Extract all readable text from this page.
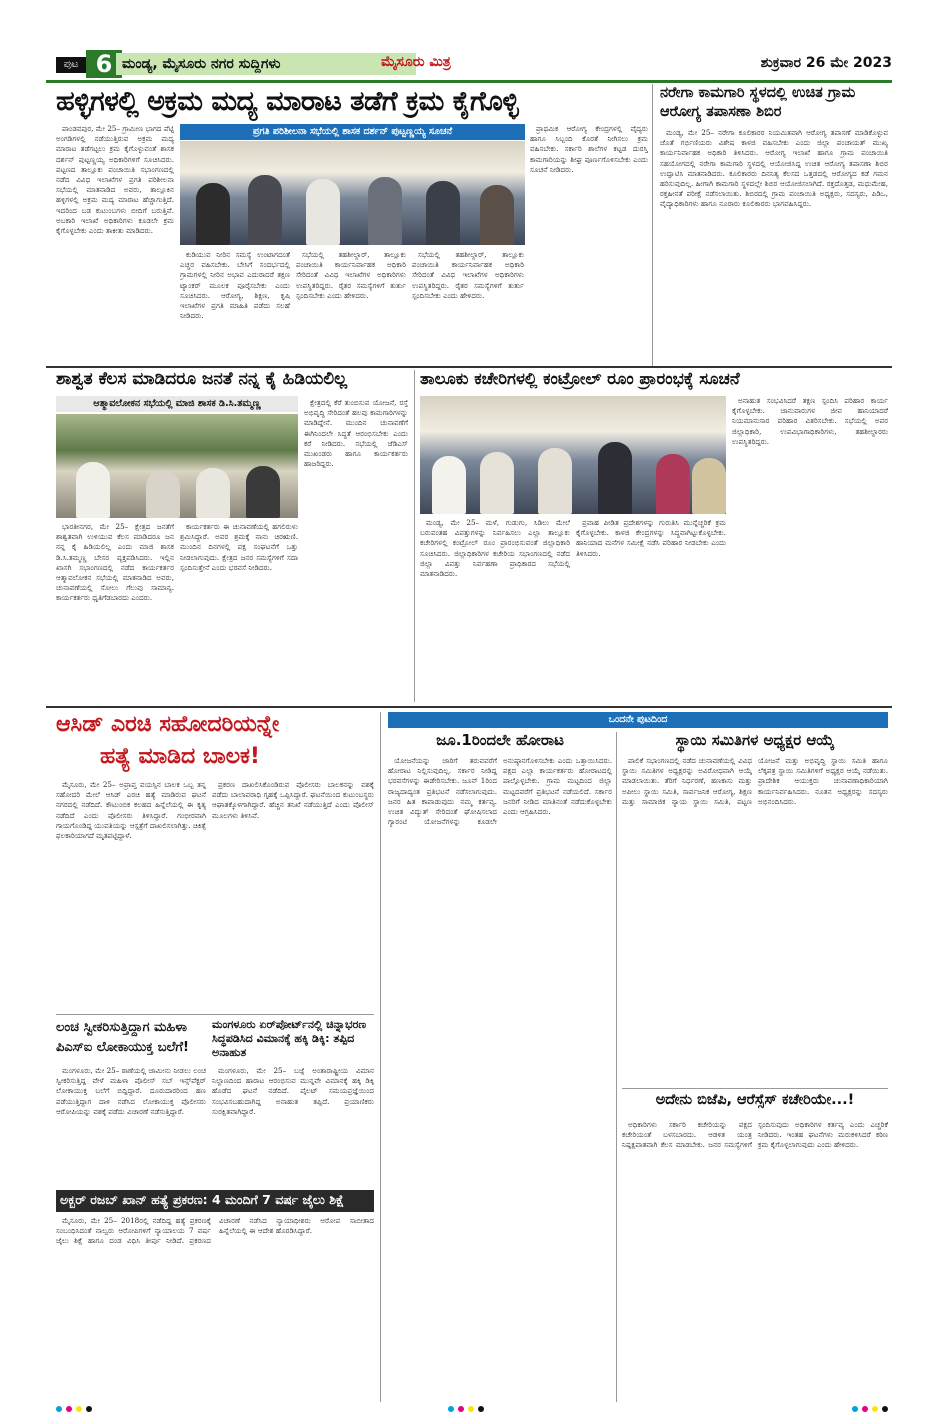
ಪುಟ 6 ಮಂಡ್ಯ, ಮೈಸೂರು ನಗರ ಸುದ್ದಿಗಳು	ಮೈಸೂರು ಮಿತ್ರ	ಶುಕ್ರವಾರ 26 ಮೇ 2023
ಹಳ್ಳಿಗಳಲ್ಲಿ ಅಕ್ರಮ ಮದ್ಯ ಮಾರಾಟ ತಡೆಗೆ ಕ್ರಮ ಕೈಗೊಳ್ಳಿ
ಪ್ರಗತಿ ಪರಿಶೀಲನಾ ಸಭೆಯಲ್ಲಿ ಶಾಸಕ ದರ್ಶನ್ ಪುಟ್ಟಣ್ಣಯ್ಯ ಸೂಚನೆ

ಪಾಂಡವಪುರ, ಮೇ 25– ಗ್ರಾಮೀಣ ಭಾಗದ ಪೆಟ್ಟಿ ಅಂಗಡಿಗಳಲ್ಲಿ ನಡೆಯುತ್ತಿರುವ ಅಕ್ರಮ ಮದ್ಯ ಮಾರಾಟ ತಡೆಗಟ್ಟಲು ಕ್ರಮ ಕೈಗೊಳ್ಳುವಂತೆ ಶಾಸಕ ದರ್ಶನ್ ಪುಟ್ಟಣ್ಣಯ್ಯ ಅಧಿಕಾರಿಗಳಿಗೆ ಸೂಚಿಸಿದರು. ಪಟ್ಟಣದ ತಾಲ್ಲೂಕು ಪಂಚಾಯಿತಿ ಸಭಾಂಗಣದಲ್ಲಿ ನಡೆದ ವಿವಿಧ ಇಲಾಖೆಗಳ ಪ್ರಗತಿ ಪರಿಶೀಲನಾ ಸಭೆಯಲ್ಲಿ ಮಾತನಾಡಿದ ಅವರು, ತಾಲ್ಲೂಕಿನ ಹಳ್ಳಿಗಳಲ್ಲಿ ಅಕ್ರಮ ಮದ್ಯ ಮಾರಾಟ ಹೆಚ್ಚಾಗುತ್ತಿದೆ. ಇದರಿಂದ ಬಡ ಕುಟುಂಬಗಳು ಬೀದಿಗೆ ಬರುತ್ತಿವೆ. ಅಬಕಾರಿ ಇಲಾಖೆ ಅಧಿಕಾರಿಗಳು ಕೂಡಲೇ ಕ್ರಮ ಕೈಗೊಳ್ಳಬೇಕು ಎಂದು ತಾಕೀತು ಮಾಡಿದರು.

ಕುಡಿಯುವ ನೀರಿನ ಸಮಸ್ಯೆ ಉಂಟಾಗದಂತೆ ಎಚ್ಚರ ವಹಿಸಬೇಕು. ಬೇಸಿಗೆ ಸಂದರ್ಭದಲ್ಲಿ ಗ್ರಾಮಗಳಲ್ಲಿ ನೀರಿನ ಅಭಾವ ಎದುರಾದರೆ ತಕ್ಷಣ ಟ್ಯಾಂಕರ್ ಮೂಲಕ ಪೂರೈಸಬೇಕು ಎಂದು ಸೂಚಿಸಿದರು. ಆರೋಗ್ಯ, ಶಿಕ್ಷಣ, ಕೃಷಿ ಇಲಾಖೆಗಳ ಪ್ರಗತಿ ಮಾಹಿತಿ ಪಡೆದು ಸಲಹೆ ನೀಡಿದರು.

ಸಭೆಯಲ್ಲಿ ತಹಶೀಲ್ದಾರ್, ತಾಲ್ಲೂಕು ಪಂಚಾಯಿತಿ ಕಾರ್ಯನಿರ್ವಾಹಕ ಅಧಿಕಾರಿ ಸೇರಿದಂತೆ ವಿವಿಧ ಇಲಾಖೆಗಳ ಅಧಿಕಾರಿಗಳು ಉಪಸ್ಥಿತರಿದ್ದರು. ರೈತರ ಸಮಸ್ಯೆಗಳಿಗೆ ತುರ್ತು ಸ್ಪಂದಿಸಬೇಕು ಎಂದು ಹೇಳಿದರು.

ಪ್ರಾಥಮಿಕ ಆರೋಗ್ಯ ಕೇಂದ್ರಗಳಲ್ಲಿ ವೈದ್ಯರು ಹಾಗೂ ಸಿಬ್ಬಂದಿ ಕೊರತೆ ನೀಗಿಸಲು ಕ್ರಮ ವಹಿಸಬೇಕು. ಸರ್ಕಾರಿ ಶಾಲೆಗಳ ಕಟ್ಟಡ ದುರಸ್ತಿ ಕಾಮಗಾರಿಯನ್ನು ಶೀಘ್ರ ಪೂರ್ಣಗೊಳಿಸಬೇಕು ಎಂದು ಸೂಚನೆ ನೀಡಿದರು.

ಸಭೆಯಲ್ಲಿ ತಹಶೀಲ್ದಾರ್, ತಾಲ್ಲೂಕು ಪಂಚಾಯಿತಿ ಕಾರ್ಯನಿರ್ವಾಹಕ ಅಧಿಕಾರಿ ಸೇರಿದಂತೆ ವಿವಿಧ ಇಲಾಖೆಗಳ ಅಧಿಕಾರಿಗಳು ಉಪಸ್ಥಿತರಿದ್ದರು. ರೈತರ ಸಮಸ್ಯೆಗಳಿಗೆ ತುರ್ತು ಸ್ಪಂದಿಸಬೇಕು ಎಂದು ಹೇಳಿದರು.

ನರೇಗಾ ಕಾಮಗಾರಿ ಸ್ಥಳದಲ್ಲಿ ಉಚಿತ ಗ್ರಾಮ ಆರೋಗ್ಯ ತಪಾಸಣಾ ಶಿಬಿರ

ಮಂಡ್ಯ, ಮೇ 25– ನರೇಗಾ ಕೂಲಿಕಾರರ ನಿಯಮಿತವಾಗಿ ಆರೋಗ್ಯ ತಪಾಸಣೆ ಮಾಡಿಕೊಳ್ಳುವ ಜೊತೆ ಗರ್ಭಿಣಿಯರು ವಿಶೇಷ ಕಾಳಜಿ ವಹಿಸಬೇಕು ಎಂದು ಜಿಲ್ಲಾ ಪಂಚಾಯತ್ ಮುಖ್ಯ ಕಾರ್ಯನಿರ್ವಾಹಕ ಅಧಿಕಾರಿ ತಿಳಿಸಿದರು. ಆರೋಗ್ಯ ಇಲಾಖೆ ಹಾಗೂ ಗ್ರಾಮ ಪಂಚಾಯಿತಿ ಸಹಯೋಗದಲ್ಲಿ ನರೇಗಾ ಕಾಮಗಾರಿ ಸ್ಥಳದಲ್ಲಿ ಆಯೋಜಿಸಿದ್ದ ಉಚಿತ ಆರೋಗ್ಯ ತಪಾಸಣಾ ಶಿಬಿರ ಉದ್ಘಾಟಿಸಿ ಮಾತನಾಡಿದರು. ಕೂಲಿಕಾರರು ದಿನನಿತ್ಯ ಕೆಲಸದ ಒತ್ತಡದಲ್ಲಿ ಆರೋಗ್ಯದ ಕಡೆ ಗಮನ ಹರಿಸುವುದಿಲ್ಲ. ಹೀಗಾಗಿ ಕಾಮಗಾರಿ ಸ್ಥಳದಲ್ಲೇ ಶಿಬಿರ ಆಯೋಜಿಸಲಾಗಿದೆ. ರಕ್ತದೊತ್ತಡ, ಮಧುಮೇಹ, ರಕ್ತಹೀನತೆ ಪರೀಕ್ಷೆ ನಡೆಸಲಾಯಿತು. ಶಿಬಿರದಲ್ಲಿ ಗ್ರಾಮ ಪಂಚಾಯಿತಿ ಅಧ್ಯಕ್ಷರು, ಸದಸ್ಯರು, ಪಿಡಿಒ, ವೈದ್ಯಾಧಿಕಾರಿಗಳು ಹಾಗೂ ನೂರಾರು ಕೂಲಿಕಾರರು ಭಾಗವಹಿಸಿದ್ದರು.

ಶಾಶ್ವತ ಕೆಲಸ ಮಾಡಿದರೂ ಜನತೆ ನನ್ನ ಕೈ ಹಿಡಿಯಲಿಲ್ಲ
ಆತ್ಮಾವಲೋಕನ ಸಭೆಯಲ್ಲಿ ಮಾಜಿ ಶಾಸಕ ಡಿ.ಸಿ.ತಮ್ಮಣ್ಣ

ಭಾರತೀನಗರ, ಮೇ 25– ಕ್ಷೇತ್ರದ ಜನತೆಗೆ ಶಾಶ್ವತವಾಗಿ ಉಳಿಯುವ ಕೆಲಸ ಮಾಡಿದರೂ ಜನ ನನ್ನ ಕೈ ಹಿಡಿಯಲಿಲ್ಲ ಎಂದು ಮಾಜಿ ಶಾಸಕ ಡಿ.ಸಿ.ತಮ್ಮಣ್ಣ ಬೇಸರ ವ್ಯಕ್ತಪಡಿಸಿದರು. ಇಲ್ಲಿನ ಖಾಸಗಿ ಸಭಾಂಗಣದಲ್ಲಿ ನಡೆದ ಕಾರ್ಯಕರ್ತರ ಆತ್ಮಾವಲೋಕನ ಸಭೆಯಲ್ಲಿ ಮಾತನಾಡಿದ ಅವರು, ಚುನಾವಣೆಯಲ್ಲಿ ಸೋಲು ಗೆಲುವು ಸಾಮಾನ್ಯ. ಕಾರ್ಯಕರ್ತರು ಧೃತಿಗೆಡಬಾರದು ಎಂದರು.

ಕಾರ್ಯಕರ್ತರು ಈ ಚುನಾವಣೆಯಲ್ಲಿ ಹಗಲಿರುಳು ಶ್ರಮಿಸಿದ್ದಾರೆ. ಅವರ ಶ್ರಮಕ್ಕೆ ನಾನು ಚಿರಋಣಿ. ಮುಂದಿನ ದಿನಗಳಲ್ಲಿ ಪಕ್ಷ ಸಂಘಟನೆಗೆ ಒತ್ತು ನೀಡಲಾಗುವುದು. ಕ್ಷೇತ್ರದ ಜನರ ಸಮಸ್ಯೆಗಳಿಗೆ ಸದಾ ಸ್ಪಂದಿಸುತ್ತೇನೆ ಎಂದು ಭರವಸೆ ನೀಡಿದರು.

ಕ್ಷೇತ್ರದಲ್ಲಿ ಕೆರೆ ತುಂಬಿಸುವ ಯೋಜನೆ, ರಸ್ತೆ ಅಭಿವೃದ್ಧಿ ಸೇರಿದಂತೆ ಹಲವು ಕಾಮಗಾರಿಗಳನ್ನು ಮಾಡಿದ್ದೇನೆ. ಮುಂದಿನ ಚುನಾವಣೆಗೆ ಈಗಿನಿಂದಲೇ ಸಿದ್ಧತೆ ಆರಂಭಿಸಬೇಕು ಎಂದು ಕರೆ ನೀಡಿದರು. ಸಭೆಯಲ್ಲಿ ಜೆಡಿಎಸ್ ಮುಖಂಡರು ಹಾಗೂ ಕಾರ್ಯಕರ್ತರು ಹಾಜರಿದ್ದರು.

ತಾಲೂಕು ಕಚೇರಿಗಳಲ್ಲಿ ಕಂಟ್ರೋಲ್ ರೂಂ ಪ್ರಾರಂಭಕ್ಕೆ ಸೂಚನೆ

ಮಂಡ್ಯ, ಮೇ 25– ಮಳೆ, ಗುಡುಗು, ಸಿಡಿಲು ಮೇಲೆ ಬರುವಂತಹ ವಿಪತ್ತುಗಳನ್ನು ನಿರ್ವಹಿಸಲು ಎಲ್ಲಾ ತಾಲ್ಲೂಕು ಕಚೇರಿಗಳಲ್ಲಿ ಕಂಟ್ರೋಲ್ ರೂಂ ಪ್ರಾರಂಭಿಸುವಂತೆ ಜಿಲ್ಲಾಧಿಕಾರಿ ಸೂಚಿಸಿದರು. ಜಿಲ್ಲಾಧಿಕಾರಿಗಳ ಕಚೇರಿಯ ಸಭಾಂಗಣದಲ್ಲಿ ನಡೆದ ಜಿಲ್ಲಾ ವಿಪತ್ತು ನಿರ್ವಹಣಾ ಪ್ರಾಧಿಕಾರದ ಸಭೆಯಲ್ಲಿ ಮಾತನಾಡಿದರು.

ಪ್ರವಾಹ ಪೀಡಿತ ಪ್ರದೇಶಗಳನ್ನು ಗುರುತಿಸಿ ಮುನ್ನೆಚ್ಚರಿಕೆ ಕ್ರಮ ಕೈಗೊಳ್ಳಬೇಕು. ಕಾಳಜಿ ಕೇಂದ್ರಗಳನ್ನು ಸಿದ್ಧವಾಗಿಟ್ಟುಕೊಳ್ಳಬೇಕು. ಹಾನಿಯಾದ ಮನೆಗಳ ಸಮೀಕ್ಷೆ ನಡೆಸಿ ಪರಿಹಾರ ನೀಡಬೇಕು ಎಂದು ತಿಳಿಸಿದರು.

ಅನಾಹುತ ಸಂಭವಿಸಿದರೆ ತಕ್ಷಣ ಸ್ಪಂದಿಸಿ ಪರಿಹಾರ ಕಾರ್ಯ ಕೈಗೊಳ್ಳಬೇಕು. ಜಾನುವಾರುಗಳ ಜೀವ ಹಾನಿಯಾದರೆ ನಿಯಮಾನುಸಾರ ಪರಿಹಾರ ವಿತರಿಸಬೇಕು. ಸಭೆಯಲ್ಲಿ ಅಪರ ಜಿಲ್ಲಾಧಿಕಾರಿ, ಉಪವಿಭಾಗಾಧಿಕಾರಿಗಳು, ತಹಶೀಲ್ದಾರರು ಉಪಸ್ಥಿತರಿದ್ದರು.

ಆಸಿಡ್ ಎರಚಿ ಸಹೋದರಿಯನ್ನೇ
ಹತ್ಯೆ ಮಾಡಿದ ಬಾಲಕ!

ಮೈಸೂರು, ಮೇ 25– ಅಪ್ರಾಪ್ತ ವಯಸ್ಸಿನ ಬಾಲಕ ಒಬ್ಬ ತನ್ನ ಸಹೋದರಿ ಮೇಲೆ ಆಸಿಡ್ ಎರಚಿ ಹತ್ಯೆ ಮಾಡಿರುವ ಘಟನೆ ನಗರದಲ್ಲಿ ನಡೆದಿದೆ. ಕೌಟುಂಬಿಕ ಕಲಹದ ಹಿನ್ನೆಲೆಯಲ್ಲಿ ಈ ಕೃತ್ಯ ನಡೆದಿದೆ ಎಂದು ಪೊಲೀಸರು ತಿಳಿಸಿದ್ದಾರೆ. ಗಂಭೀರವಾಗಿ ಗಾಯಗೊಂಡಿದ್ದ ಯುವತಿಯನ್ನು ಆಸ್ಪತ್ರೆಗೆ ದಾಖಲಿಸಲಾಗಿತ್ತು. ಚಿಕಿತ್ಸೆ ಫಲಕಾರಿಯಾಗದೆ ಮೃತಪಟ್ಟಿದ್ದಾಳೆ.

ಪ್ರಕರಣ ದಾಖಲಿಸಿಕೊಂಡಿರುವ ಪೊಲೀಸರು ಬಾಲಕನನ್ನು ವಶಕ್ಕೆ ಪಡೆದು ಬಾಲಾಪರಾಧಿ ಗೃಹಕ್ಕೆ ಒಪ್ಪಿಸಿದ್ದಾರೆ. ಘಟನೆಯಿಂದ ಕುಟುಂಬಸ್ಥರು ಆಘಾತಕ್ಕೊಳಗಾಗಿದ್ದಾರೆ. ಹೆಚ್ಚಿನ ತನಿಖೆ ನಡೆಯುತ್ತಿದೆ ಎಂದು ಪೊಲೀಸ್ ಮೂಲಗಳು ತಿಳಿಸಿವೆ.

ಲಂಚ ಸ್ವೀಕರಿಸುತ್ತಿದ್ದಾಗ ಮಹಿಳಾ ಪಿಎಸ್‌ಐ ಲೋಕಾಯುಕ್ತ ಬಲೆಗೆ!

ಮಂಗಳೂರು, ಮೇ 25– ಠಾಣೆಯಲ್ಲಿ ಜಾಮೀನು ನೀಡಲು ಲಂಚ ಸ್ವೀಕರಿಸುತ್ತಿದ್ದ ವೇಳೆ ಮಹಿಳಾ ಪೊಲೀಸ್ ಸಬ್ ಇನ್ಸ್‌ಪೆಕ್ಟರ್ ಲೋಕಾಯುಕ್ತ ಬಲೆಗೆ ಬಿದ್ದಿದ್ದಾರೆ. ದೂರುದಾರರಿಂದ ಹಣ ಪಡೆಯುತ್ತಿದ್ದಾಗ ದಾಳಿ ನಡೆಸಿದ ಲೋಕಾಯುಕ್ತ ಪೊಲೀಸರು ಆರೋಪಿಯನ್ನು ವಶಕ್ಕೆ ಪಡೆದು ವಿಚಾರಣೆ ನಡೆಸುತ್ತಿದ್ದಾರೆ.

ಮಂಗಳೂರು ಏರ್‌ಪೋರ್ಟ್‌ನಲ್ಲಿ ಚಿನ್ನಾಭರಣ ಸಿದ್ಧಪಡಿಸಿದ ವಿಮಾನಕ್ಕೆ ಹಕ್ಕಿ ಡಿಕ್ಕಿ: ತಪ್ಪಿದ ಅನಾಹುತ

ಮಂಗಳೂರು, ಮೇ 25– ಬಜ್ಪೆ ಅಂತಾರಾಷ್ಟ್ರೀಯ ವಿಮಾನ ನಿಲ್ದಾಣದಿಂದ ಹಾರಾಟ ಆರಂಭಿಸುವ ಮುನ್ನವೇ ವಿಮಾನಕ್ಕೆ ಹಕ್ಕಿ ಡಿಕ್ಕಿ ಹೊಡೆದ ಘಟನೆ ನಡೆದಿದೆ. ಪೈಲಟ್ ಸಮಯಪ್ರಜ್ಞೆಯಿಂದ ಸಂಭವಿಸಬಹುದಾಗಿದ್ದ ಅನಾಹುತ ತಪ್ಪಿದೆ. ಪ್ರಯಾಣಿಕರು ಸುರಕ್ಷಿತವಾಗಿದ್ದಾರೆ.

ಅಕ್ಬರ್ ರಜಬ್ ಖಾನ್ ಹತ್ಯೆ ಪ್ರಕರಣ: 4 ಮಂದಿಗೆ 7 ವರ್ಷ ಜೈಲು ಶಿಕ್ಷೆ

ಮೈಸೂರು, ಮೇ 25– 2018ರಲ್ಲಿ ನಡೆದಿದ್ದ ಹತ್ಯೆ ಪ್ರಕರಣಕ್ಕೆ ಸಂಬಂಧಿಸಿದಂತೆ ನಾಲ್ವರು ಆರೋಪಿಗಳಿಗೆ ನ್ಯಾಯಾಲಯ 7 ವರ್ಷ ಜೈಲು ಶಿಕ್ಷೆ ಹಾಗೂ ದಂಡ ವಿಧಿಸಿ ತೀರ್ಪು ನೀಡಿದೆ. ಪ್ರಕರಣದ ವಿಚಾರಣೆ ನಡೆಸಿದ ನ್ಯಾಯಾಧೀಶರು ಆರೋಪ ಸಾಬೀತಾದ ಹಿನ್ನೆಲೆಯಲ್ಲಿ ಈ ಆದೇಶ ಹೊರಡಿಸಿದ್ದಾರೆ.

ಒಂದನೇ ಪುಟದಿಂದ
ಜೂ.1ರಿಂದಲೇ ಹೋರಾಟ

ಯೋಜನೆಯನ್ನು ಜಾರಿಗೆ ತರುವವರೆಗೆ ಹೋರಾಟ ನಿಲ್ಲಿಸುವುದಿಲ್ಲ. ಸರ್ಕಾರ ನೀಡಿದ್ದ ಭರವಸೆಗಳನ್ನು ಈಡೇರಿಸಬೇಕು. ಜೂನ್ 1ರಿಂದ ರಾಜ್ಯದಾದ್ಯಂತ ಪ್ರತಿಭಟನೆ ನಡೆಸಲಾಗುವುದು. ಜನರ ಹಿತ ಕಾಪಾಡುವುದು ನಮ್ಮ ಕರ್ತವ್ಯ. ಉಚಿತ ವಿದ್ಯುತ್ ಸೇರಿದಂತೆ ಘೋಷಿಸಲಾದ ಗ್ಯಾರಂಟಿ ಯೋಜನೆಗಳನ್ನು ಕೂಡಲೇ ಅನುಷ್ಠಾನಗೊಳಿಸಬೇಕು ಎಂದು ಒತ್ತಾಯಿಸಿದರು. ಪಕ್ಷದ ಎಲ್ಲಾ ಕಾರ್ಯಕರ್ತರು ಹೋರಾಟದಲ್ಲಿ ಪಾಲ್ಗೊಳ್ಳಬೇಕು. ಗ್ರಾಮ ಮಟ್ಟದಿಂದ ಜಿಲ್ಲಾ ಮಟ್ಟದವರೆಗೆ ಪ್ರತಿಭಟನೆ ನಡೆಯಲಿದೆ. ಸರ್ಕಾರ ಜನರಿಗೆ ನೀಡಿದ ಮಾತಿನಂತೆ ನಡೆದುಕೊಳ್ಳಬೇಕು ಎಂದು ಆಗ್ರಹಿಸಿದರು.

ಸ್ಥಾಯಿ ಸಮಿತಿಗಳ ಅಧ್ಯಕ್ಷರ ಆಯ್ಕೆ

ಪಾಲಿಕೆ ಸಭಾಂಗಣದಲ್ಲಿ ನಡೆದ ಚುನಾವಣೆಯಲ್ಲಿ ವಿವಿಧ ಸ್ಥಾಯಿ ಸಮಿತಿಗಳ ಅಧ್ಯಕ್ಷರನ್ನು ಅವಿರೋಧವಾಗಿ ಆಯ್ಕೆ ಮಾಡಲಾಯಿತು. ತೆರಿಗೆ ನಿರ್ಧರಣೆ, ಹಣಕಾಸು ಮತ್ತು ಅಪೀಲು ಸ್ಥಾಯಿ ಸಮಿತಿ, ಸಾರ್ವಜನಿಕ ಆರೋಗ್ಯ, ಶಿಕ್ಷಣ ಮತ್ತು ಸಾಮಾಜಿಕ ನ್ಯಾಯ ಸ್ಥಾಯಿ ಸಮಿತಿ, ಪಟ್ಟಣ ಯೋಜನೆ ಮತ್ತು ಅಭಿವೃದ್ಧಿ ಸ್ಥಾಯಿ ಸಮಿತಿ ಹಾಗೂ ಲೆಕ್ಕಪತ್ರ ಸ್ಥಾಯಿ ಸಮಿತಿಗಳಿಗೆ ಅಧ್ಯಕ್ಷರ ಆಯ್ಕೆ ನಡೆಯಿತು. ಪ್ರಾದೇಶಿಕ ಆಯುಕ್ತರು ಚುನಾವಣಾಧಿಕಾರಿಯಾಗಿ ಕಾರ್ಯನಿರ್ವಹಿಸಿದರು. ನೂತನ ಅಧ್ಯಕ್ಷರನ್ನು ಸದಸ್ಯರು ಅಭಿನಂದಿಸಿದರು.

ಅದೇನು ಬಿಜೆಪಿ, ಆರೆಸ್ಸೆಸ್ ಕಚೇರಿಯೇ...!

ಅಧಿಕಾರಿಗಳು ಸರ್ಕಾರಿ ಕಚೇರಿಯನ್ನು ಪಕ್ಷದ ಕಚೇರಿಯಂತೆ ಬಳಸಬಾರದು. ಆಡಳಿತ ಯಂತ್ರ ನಿಷ್ಪಕ್ಷಪಾತವಾಗಿ ಕೆಲಸ ಮಾಡಬೇಕು. ಜನರ ಸಮಸ್ಯೆಗಳಿಗೆ ಸ್ಪಂದಿಸುವುದು ಅಧಿಕಾರಿಗಳ ಕರ್ತವ್ಯ ಎಂದು ಎಚ್ಚರಿಕೆ ನೀಡಿದರು. ಇಂತಹ ಘಟನೆಗಳು ಮರುಕಳಿಸಿದರೆ ಕಠಿಣ ಕ್ರಮ ಕೈಗೊಳ್ಳಲಾಗುವುದು ಎಂದು ಹೇಳಿದರು.
